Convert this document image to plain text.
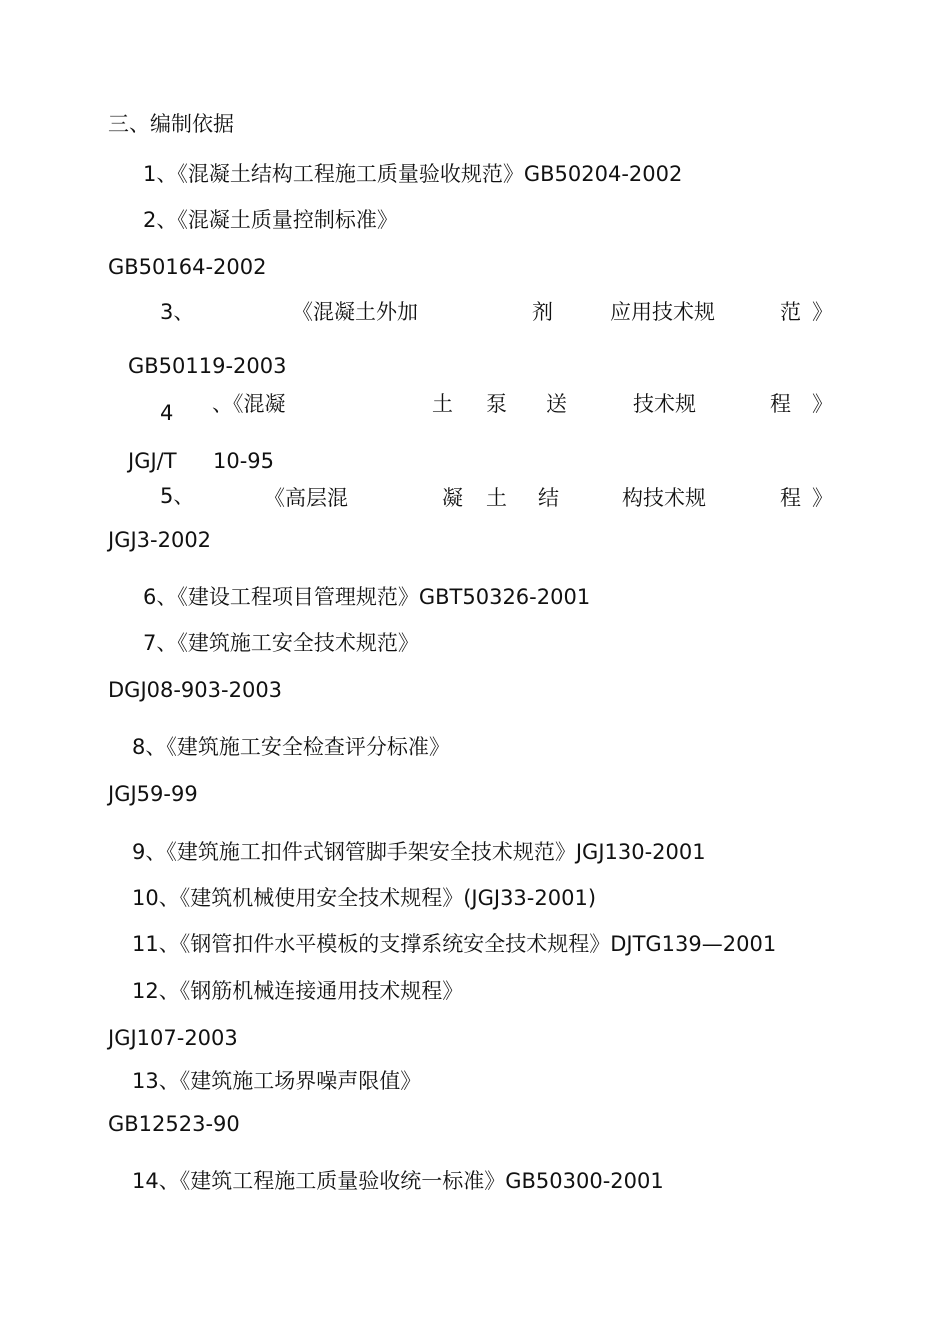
三、编制依据
1、《混凝土结构工程施工质量验收规范》GB50204-2002
2、《混凝土质量控制标准》
GB50164-2002
3、	《混凝土外加	剂	应用技术规	范 》
GB50119-2003
4 、《混凝	土 泵 送	技术规	程 》
JGJ/T 10-95
5、	《高层混	凝 土 结	构技术规	程 》
JGJ3-2002
6、《建设工程项目管理规范》GBT50326-2001
7、《建筑施工安全技术规范》
DGJ08-903-2003
8、《建筑施工安全检查评分标准》
JGJ59-99
9、《建筑施工扣件式钢管脚手架安全技术规范》JGJ130-2001
10、《建筑机械使用安全技术规程》(JGJ33-2001)
11、《钢管扣件水平模板的支撑系统安全技术规程》DJTG139—2001
12、《钢筋机械连接通用技术规程》
JGJ107-2003
13、《建筑施工场界噪声限值》
GB12523-90
14、《建筑工程施工质量验收统一标准》GB50300-2001
